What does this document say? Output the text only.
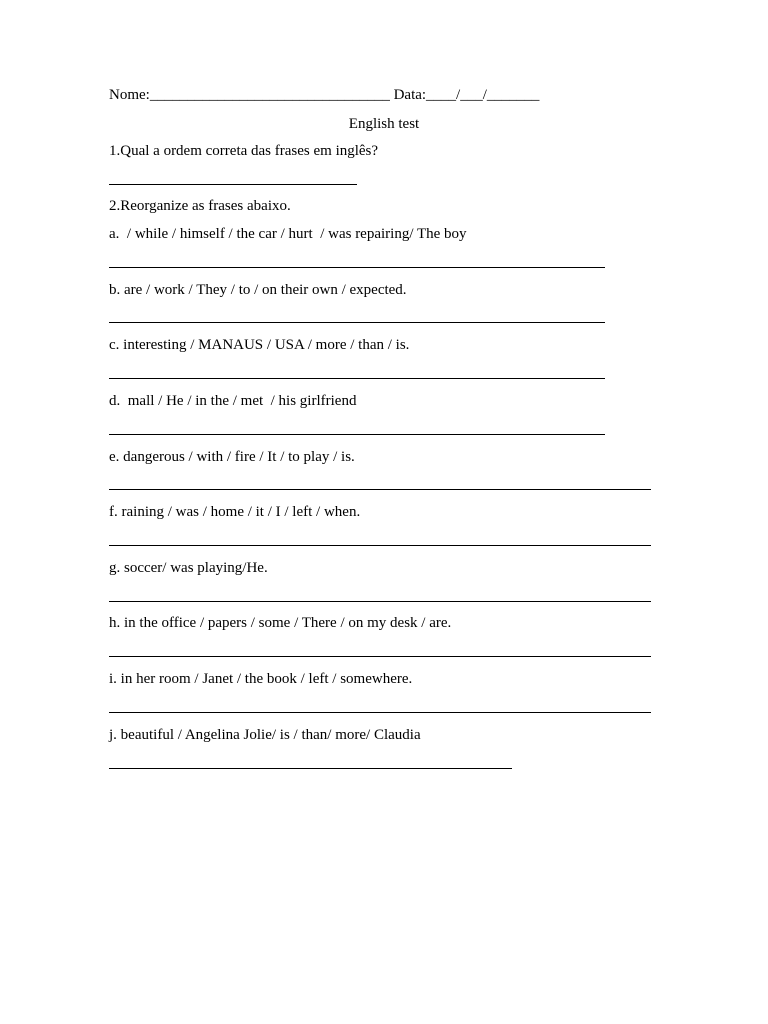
Nome:________________________________ Data:____/___/_______
English test
1.Qual a ordem correta das frases em inglês?
2.Reorganize as frases abaixo.
a.  / while / himself / the car / hurt  / was repairing/ The boy
b. are / work / They / to / on their own / expected.
c. interesting / MANAUS / USA / more / than / is.
d.  mall / He / in the / met  / his girlfriend
e. dangerous / with / fire / It / to play / is.
f. raining / was / home / it / I / left / when.
g. soccer/ was playing/He.
h. in the office / papers / some / There / on my desk / are.
i. in her room / Janet / the book / left / somewhere.
j. beautiful / Angelina Jolie/ is / than/ more/ Claudia
